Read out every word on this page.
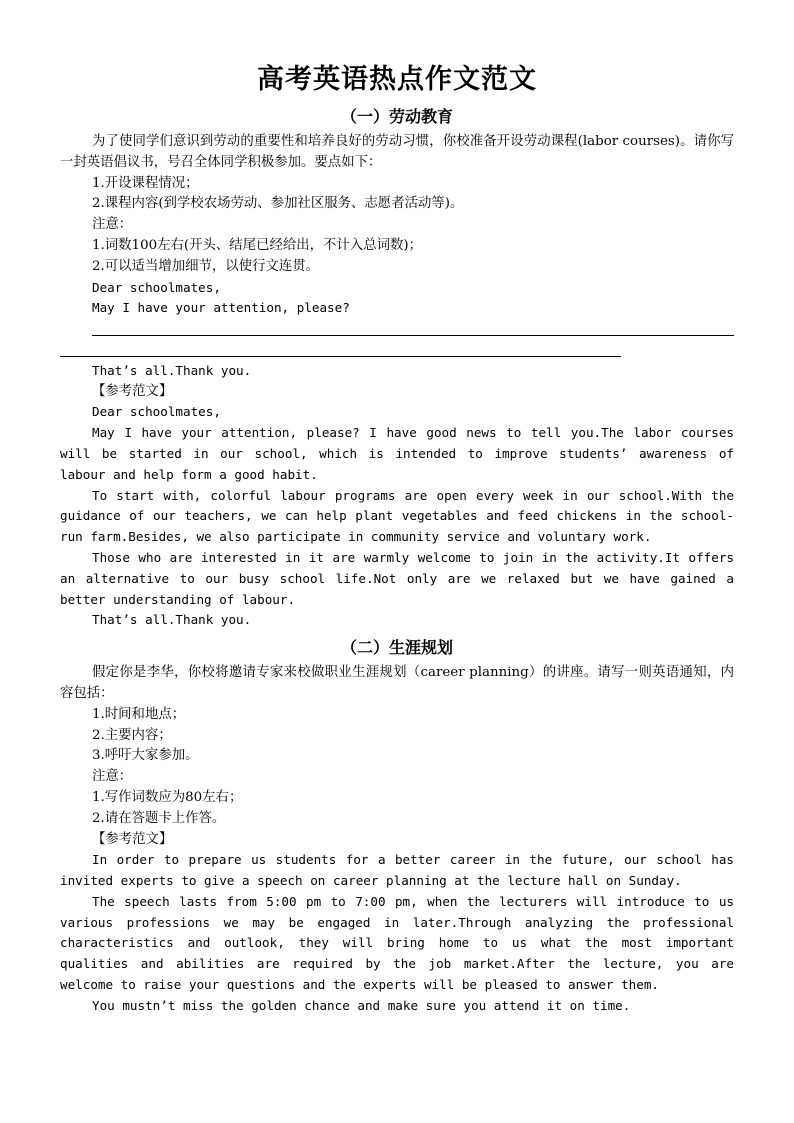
高考英语热点作文范文
（一）劳动教育

为了使同学们意识到劳动的重要性和培养良好的劳动习惯，你校准备开设劳动课程(labor courses)。请你写一封英语倡议书，号召全体同学积极参加。要点如下：

1.开设课程情况；

2.课程内容(到学校农场劳动、参加社区服务、志愿者活动等)。

注意：

1.词数100左右(开头、结尾已经给出，不计入总词数)；

2.可以适当增加细节，以使行文连贯。

Dear schoolmates,

May I have your attention, please?

That’s all.Thank you.

【参考范文】

Dear schoolmates,

May I have your attention, please? I have good news to tell you.The labor courses will be started in our school, which is intended to improve students’ awareness of labour and help form a good habit.

To start with, colorful labour programs are open every week in our school.With the guidance of our teachers, we can help plant vegetables and feed chickens in the school-run farm.Besides, we also participate in community service and voluntary work.

Those who are interested in it are warmly welcome to join in the activity.It offers an alternative to our busy school life.Not only are we relaxed but we have gained a better understanding of labour.

That’s all.Thank you.

（二）生涯规划

假定你是李华，你校将邀请专家来校做职业生涯规划（career planning）的讲座。请写一则英语通知，内容包括：

1.时间和地点；

2.主要内容；

3.呼吁大家参加。

注意：

1.写作词数应为80左右；

2.请在答题卡上作答。

【参考范文】

In order to prepare us students for a better career in the future, our school has invited experts to give a speech on career planning at the lecture hall on Sunday.

The speech lasts from 5:00 pm to 7:00 pm, when the lecturers will introduce to us various professions we may be engaged in later.Through analyzing the professional characteristics and outlook, they will bring home to us what the most important qualities and abilities are required by the job market.After the lecture, you are welcome to raise your questions and the experts will be pleased to answer them.

You mustn’t miss the golden chance and make sure you attend it on time.
